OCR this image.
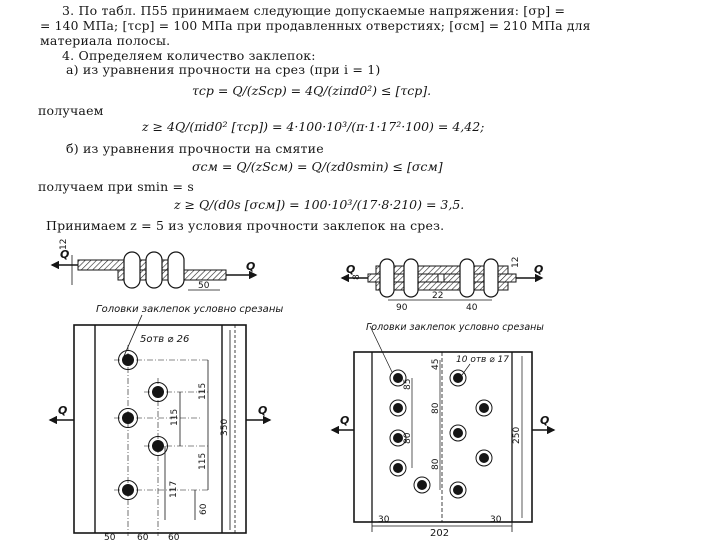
3. По табл. П55 принимаем следующие допускаемые напряжения: [σр] =
= 140 МПа; [τср] = 100 МПа при продавленных отверстиях; [σсм] = 210 МПа для
материала полосы.
4. Определяем количество заклепок:
а) из уравнения прочности на срез (при i = 1)
τср = Q/(zSср) = 4Q/(ziπd0²) ≤ [τср].
получаем
z ≥ 4Q/(πid0² [τср]) = 4·100·10³/(π·1·17²·100) = 4,42;
б) из уравнения прочности на смятие
σсм = Q/(zSсм) = Q/(zd0smin) ≤ [σсм]
получаем при smin = s
z ≥ Q/(d0s [σсм]) = 100·10³/(17·8·210) = 3,5.
Принимаем z = 5 из условия прочности заклепок на срез.
Q
Q
12
50
Головки заклепок условно срезаны
5отв ⌀ 26
Q	Q
115
115
350
115
117
60
50 60 60
Q	Q
8
12
90
22
40
Головки заклепок условно срезаны
10 отв ⌀ 17
Q	Q
85
80
80
80
45
250
30
202
30
